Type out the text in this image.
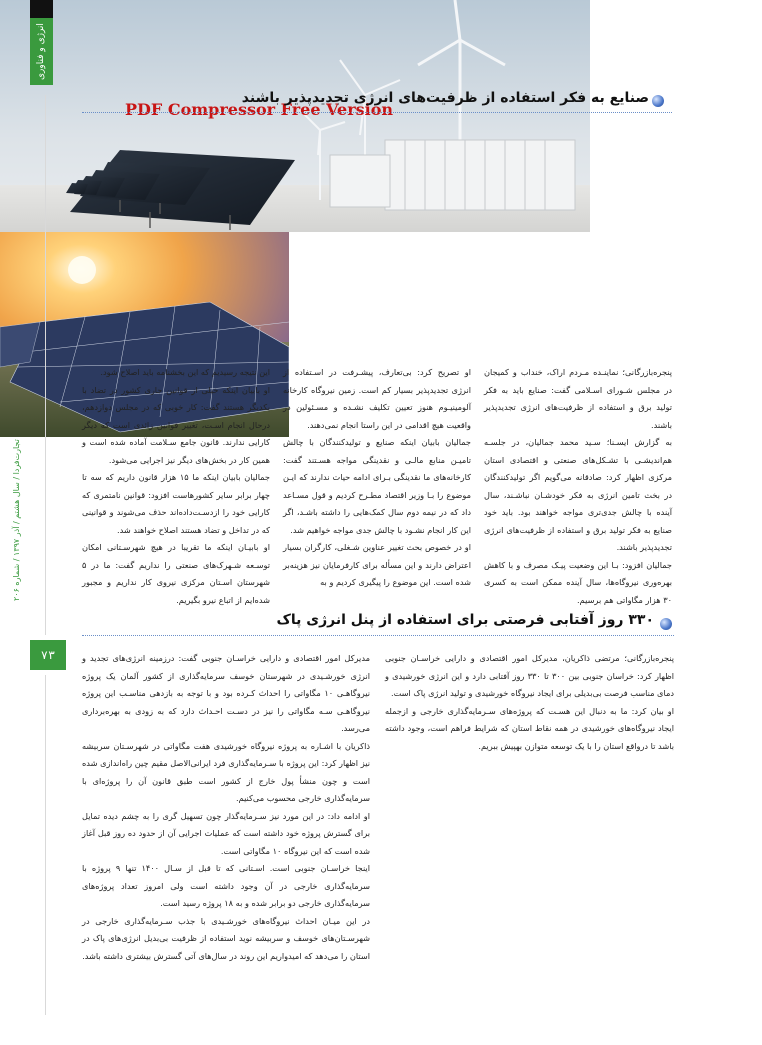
انرژی و فناوری
تجارت‌فردا / سال هشتم / آذر ۱۳۹۷ / شماره ۲۰۶
۷۳
PDF Compressor Free Version
صنایع به فکر استفاده از ظرفیت‌های انرژی تجدیدپذیر باشند

پنجره‌بازرگانی؛ نماینـده مـردم اراک، خنداب و کمیجان در مجلس شـورای اسـلامی گفت: صنایع باید به فکر تولید برق و استفاده از ظرفیت‌های انرژی تجدیدپذیر باشند.

به گزارش ایسـنا؛ سـید محمد جمالیان، در جلسـه هم‌اندیشـی با تشـکل‌های صنعتی و اقتصادی استان مرکزی اظهار کرد: صادقانه می‌گویم اگر تولیدکنندگان در بخث تامین انرژی به فکر خودشـان نباشـند، سال آینده با چالش جدی‌تری مواجه خواهند بود. باید خود صنایع به فکر تولید برق و استفاده از ظرفیت‌های انرژی تجدیدپذیر باشند.

جمالیان افزود: بـا این وضعیت پیـک مصرف و با کاهش بهره‌وری نیروگاه‌ها، سال آینده ممکن است به کسری ۳۰ هزار مگاواتی هم برسیم.

او تصریح کرد: بی‌تعارف، پیشـرفت در اسـتفاده از انرژی تجدیدپذیر بسیار کم است. زمین نیروگاه کارخانه آلومینیـوم هنوز تعیین تکلیف نشـده و مسـئولین در واقعیت هیچ اقدامی در این راستا انجام نمی‌دهند.

جمالیان بابیان اینکه صنایع و تولیدکنندگان با چالش تامیـن منابع مالـی و نقدینگی مواجه هسـتند گفت: کارخانه‌های ما نقدینگی بـرای ادامه حیات ندارند که ایـن موضوع را بـا وزیر اقتصاد مطـرح کردیم و قول مسـاعد داد که در نیمه دوم سال کمک‌هایی را داشته باشـد، اگر این کار انجام نشـود با چالش جدی مواجه خواهیم شد.

او در خصوص بحث تغییر عناوین شـغلی، کارگران بسیار اعتراض دارند و این مسأله برای کارفرمایان نیز هزینه‌بر شده است. این موضوع را پیگیری کردیم و به

این نتیجه رسیدیم که این بخشنامه باید اصلاح شود.

او بابیان اینکه خیلی از قوانین جاری کشور در تضاد با یکدیگر هستند گفت: کار خوبی که در مجلس دوازدهم، درحال انجام اسـت، تغییر قوانین زائدی است که دیگر کارایی ندارند. قانون جامع سـلامت آماده شده است و همین کار در بخش‌های دیگر نیز اجرایی می‌شود.

جمالیان بابیان اینکه ما ۱۵ هزار قانون داریم که سه تا چهار برابر سایر کشورهاست افزود: قوانین نامتمری که کارایی خود را ازدسـت‌داده‌اند حذف می‌شوند و قوانینی که در تداخل و تضاد هستند اصلاح خواهند شد.

او بابیـان اینکه ما تقریبا در هیچ شهرسـتانی امکان توسـعه شـهرک‌های صنعتی را نداریم گفت: ما در ۵ شهرستان اسـتان مرکزی نیروی کار نداریم و مجبور شده‌ایم از اتباع نیرو بگیریم.

۳۳۰ روز آفتابی فرصتی برای استفاده از پنل انرژی پاک

پنجره‌بازرگانی؛ مرتضی ذاکریان، مدیرکل امور اقتصادی و دارایی خراسـان جنوبی اظهار کرد: خراسان جنوبی بین ۳۰۰ تا ۳۳۰ روز آفتابی دارد و این انرژی خورشیدی و دمای مناسب فرصت بی‌بدیلی برای ایجاد نیروگاه خورشیدی و تولید انرژی پاک است.

او بیان کرد: ما به دنبال این هسـت که پروژه‌های سـرمایه‌گذاری خارجی و ازجمله ایجاد نیروگاه‌های خورشیدی در همه نقاط استان که شرایط فراهم است، وجود داشته باشد تا درواقع استان را با یک توسعه متوازن بهپیش ببریم.

مدیرکل امور اقتصادی و دارایی خراسـان جنوبی گفت: درزمینه انرژی‌های تجدید و انرژی خورشـیدی در شهرستان خوسف سرمایه‌گذاری از کشور آلمان یک پروژه نیروگاهـی ۱۰ مگاواتی را احداث کـرده بود و با توجه به بازدهی مناسـب این پروژه نیروگاهـی سـه مگاواتی را نیز در دسـت احـداث دارد که به زودی به بهره‌برداری می‌رسد.

ذاکریان با اشـاره به پروژه نیروگاه خورشیدی هفت مگاواتی در شهرسـتان سربیشه نیز اظهار کرد: این پروژه با سـرمایه‌گذاری فرد ایرانی‌الاصل مقیم چین راه‌اندازی شده است و چون منشأ پول خارج از کشور است طبق قانون آن را پروژه‌ای با سرمایه‌گذاری خارجی محسوب می‌کنیم.

او ادامه داد: در این مورد نیز سـرمایه‌گذار چون تسهیل گری را به چشم دیده تمایل برای گسترش پروژه خود داشته است که عملیات اجرایی آن از حدود ده روز قبل آغاز شده است که این نیروگاه ۱۰ مگاواتی است.

اینجا خراسـان جنوبی است. اسـتانی که تا قبل از سـال ۱۴۰۰ تنها ۹ پروژه با سرمایه‌گذاری خارجی در آن وجود داشته است ولی امروز تعداد پروژه‌های سرمایه‌گذاری خارجی دو برابر شده و به ۱۸ پروژه رسید است.

در این میـان احداث نیروگاه‌های خورشـیدی با جذب سـرمایه‌گذاری خارجی در شهرسـتان‌های خوسف و سربیشه نوید استفاده از ظرفیت بی‌بدیل انرژی‌های پاک در استان را می‌دهد که امیدواریم این روند در سال‌های آتی گسترش بیشتری داشته باشد.
